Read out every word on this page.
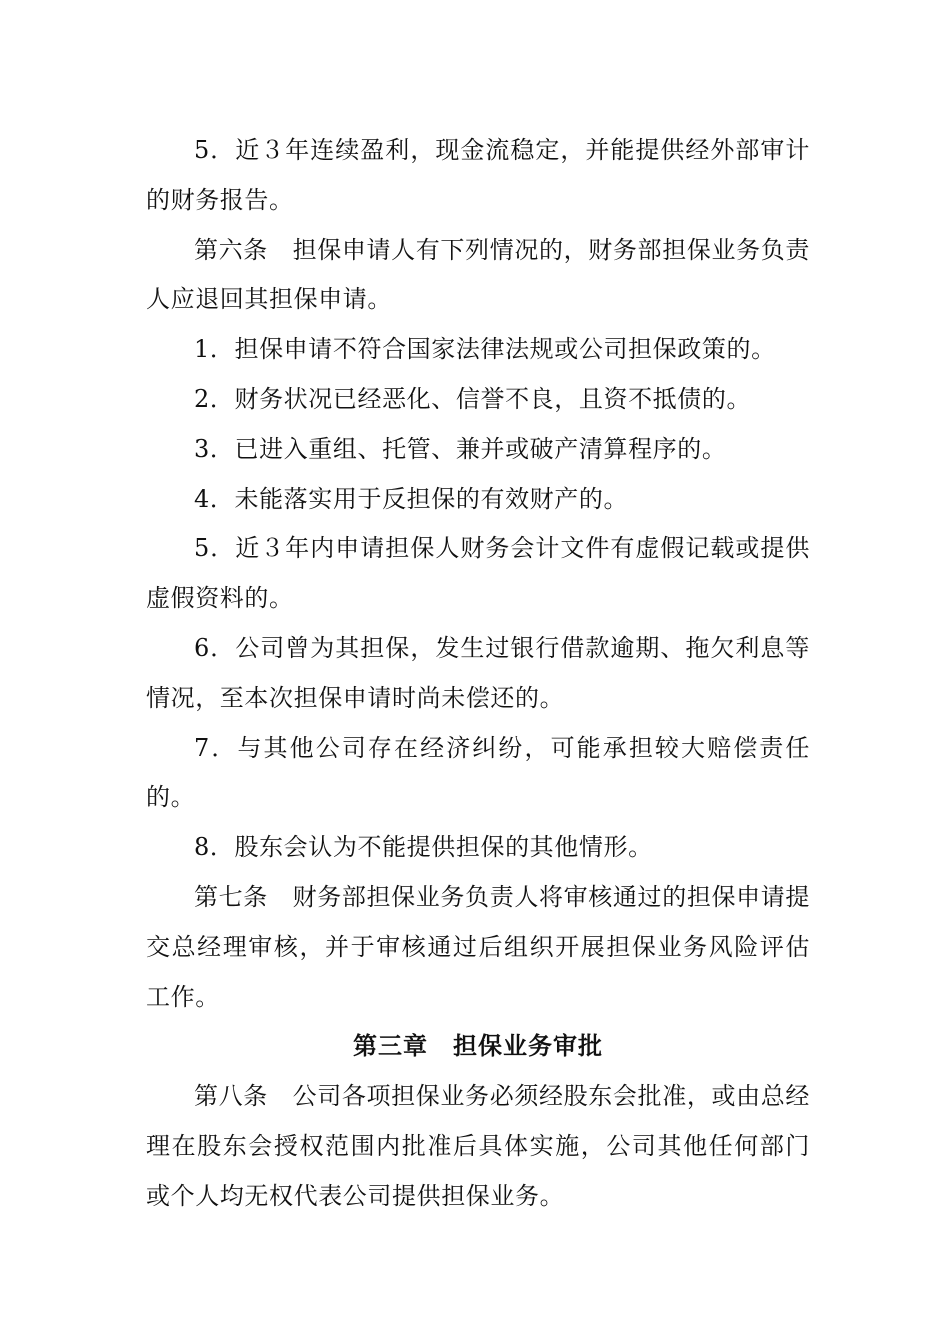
5．近３年连续盈利，现金流稳定，并能提供经外部审计的财务报告。

第六条　担保申请人有下列情况的，财务部担保业务负责人应退回其担保申请。

1．担保申请不符合国家法律法规或公司担保政策的。

2．财务状况已经恶化、信誉不良，且资不抵债的。

3．已进入重组、托管、兼并或破产清算程序的。

4．未能落实用于反担保的有效财产的。

5．近３年内申请担保人财务会计文件有虚假记载或提供虚假资料的。

6．公司曾为其担保，发生过银行借款逾期、拖欠利息等情况，至本次担保申请时尚未偿还的。

7．与其他公司存在经济纠纷，可能承担较大赔偿责任的。

8．股东会认为不能提供担保的其他情形。

第七条　财务部担保业务负责人将审核通过的担保申请提交总经理审核，并于审核通过后组织开展担保业务风险评估工作。

第三章　担保业务审批

第八条　公司各项担保业务必须经股东会批准，或由总经理在股东会授权范围内批准后具体实施，公司其他任何部门或个人均无权代表公司提供担保业务。
